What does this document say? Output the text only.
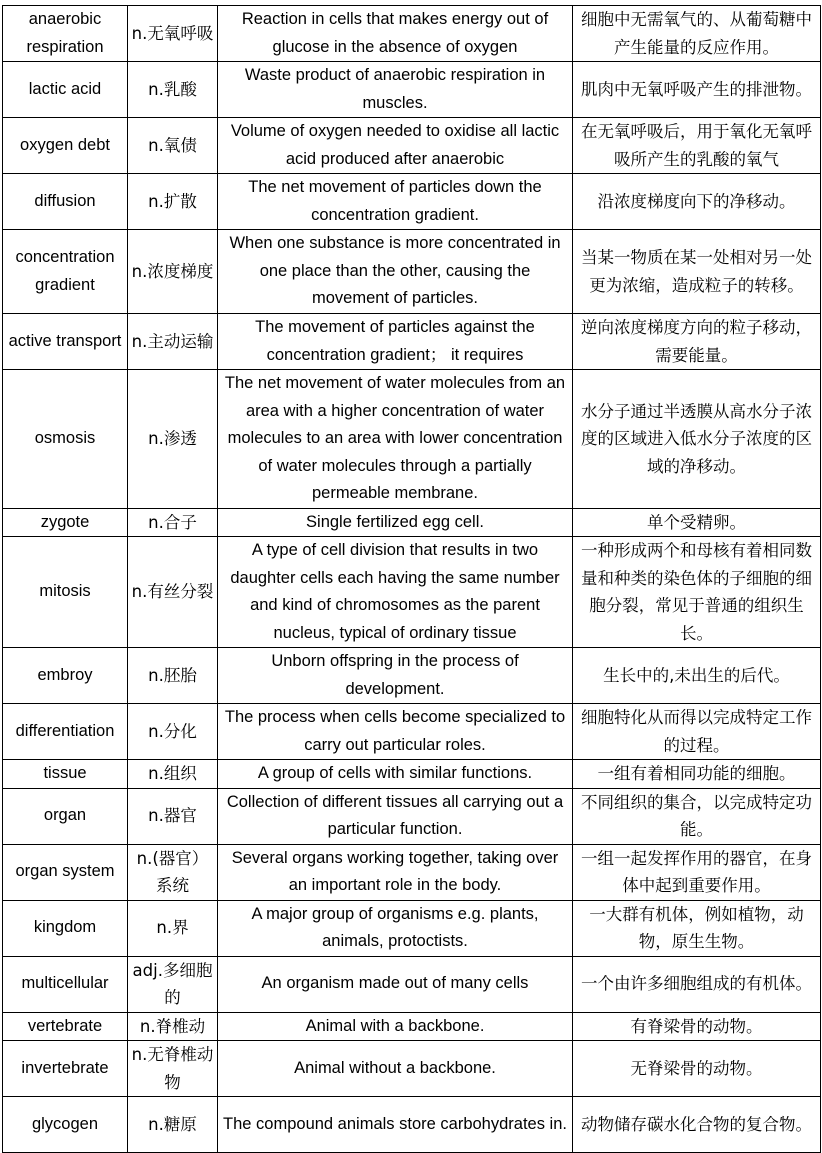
anaerobic respiration	n.无氧呼吸	Reaction in cells that makes energy out of glucose in the absence of oxygen	细胞中无需氧气的、从葡萄糖中产生能量的反应作用。
lactic acid	n.乳酸	Waste product of anaerobic respiration in muscles.	肌肉中无氧呼吸产生的排泄物。
oxygen debt	n.氧债	Volume of oxygen needed to oxidise all lactic acid produced after anaerobic	在无氧呼吸后，用于氧化无氧呼吸所产生的乳酸的氧气
diffusion	n.扩散	The net movement of particles down the concentration gradient.	沿浓度梯度向下的净移动。
concentration gradient	n.浓度梯度	When one substance is more concentrated in one place than the other, causing the movement of particles.	当某一物质在某一处相对另一处更为浓缩，造成粒子的转移。
active transport	n.主动运输	The movement of particles against the concentration gradient； it requires	逆向浓度梯度方向的粒子移动，需要能量。
osmosis	n.渗透	The net movement of water molecules from an area with a higher concentration of water molecules to an area with lower concentration of water molecules through a partially permeable membrane.	水分子通过半透膜从高水分子浓度的区域进入低水分子浓度的区域的净移动。
zygote	n.合子	Single fertilized egg cell.	单个受精卵。
mitosis	n.有丝分裂	A type of cell division that results in two daughter cells each having the same number and kind of chromosomes as the parent nucleus, typical of ordinary tissue	一种形成两个和母核有着相同数量和种类的染色体的子细胞的细胞分裂，常见于普通的组织生长。
embroy	n.胚胎	Unborn offspring in the process of development.	生长中的,未出生的后代。
differentiation	n.分化	The process when cells become specialized to carry out particular roles.	细胞特化从而得以完成特定工作的过程。
tissue	n.组织	A group of cells with similar functions.	一组有着相同功能的细胞。
organ	n.器官	Collection of different tissues all carrying out a particular function.	不同组织的集合，以完成特定功能。
organ system	n.(器官）系统	Several organs working together, taking over an important role in the body.	一组一起发挥作用的器官，在身体中起到重要作用。
kingdom	n.界	A major group of organisms e.g. plants, animals, protoctists.	一大群有机体，例如植物，动物，原生生物。
multicellular	adj.多细胞的	An organism made out of many cells	一个由许多细胞组成的有机体。
vertebrate	n.脊椎动	Animal with a backbone.	有脊梁骨的动物。
invertebrate	n.无脊椎动物	Animal without a backbone.	无脊梁骨的动物。
glycogen	n.糖原	The compound animals store carbohydrates in.	动物储存碳水化合物的复合物。
